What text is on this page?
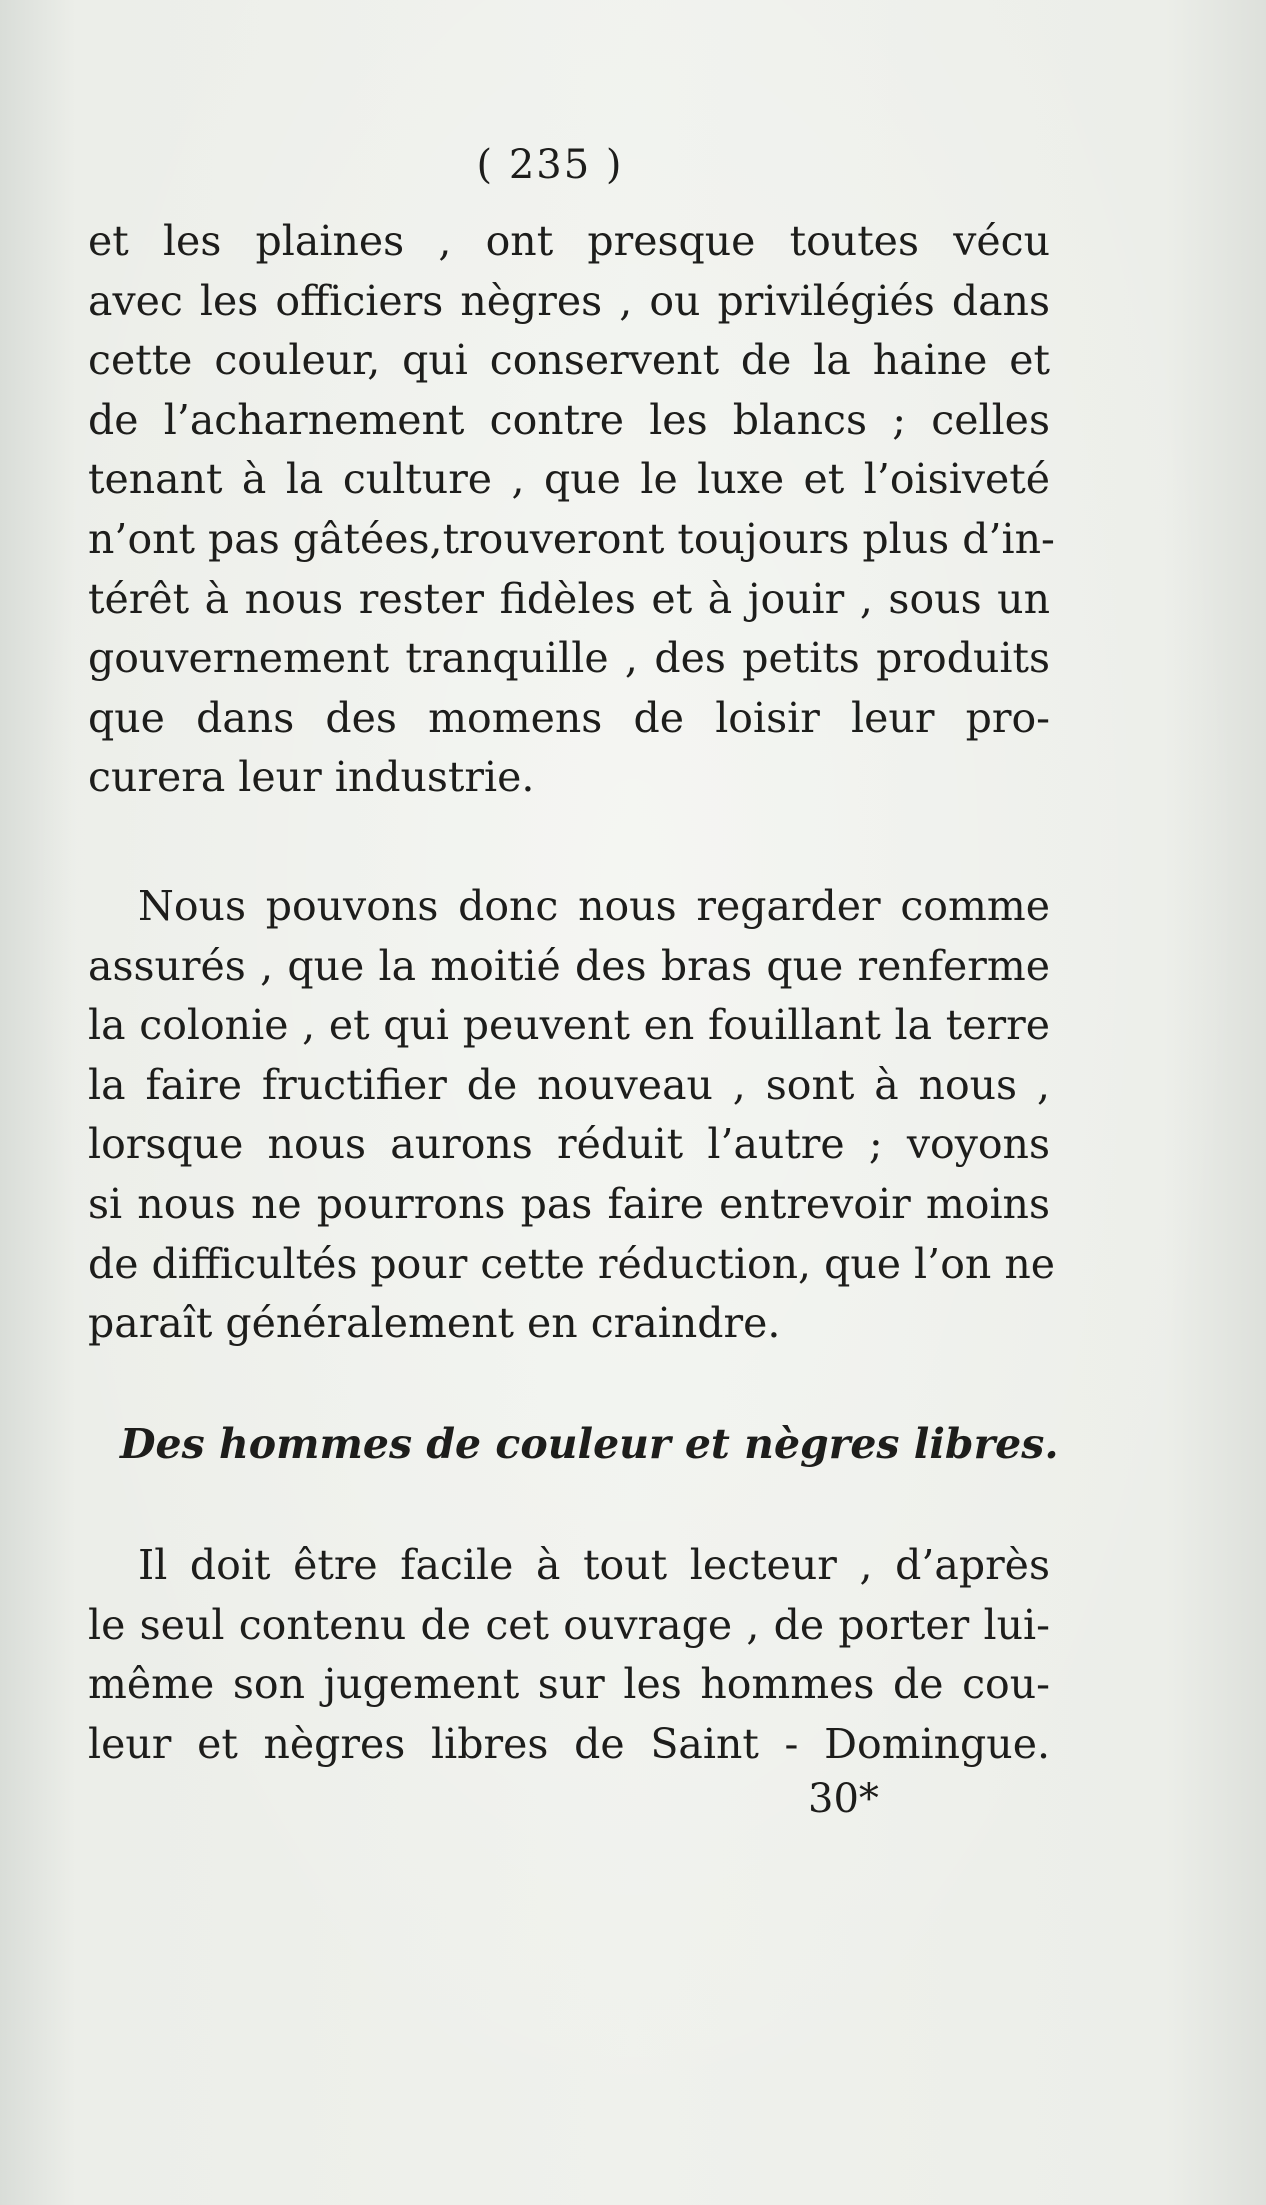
( 235 )
et les plaines , ont presque toutes vécu
avec les officiers nègres , ou privilégiés dans
cette couleur, qui conservent de la haine et
de l’acharnement contre les blancs ; celles
tenant à la culture , que le luxe et l’oisiveté
n’ont pas gâtées,trouveront toujours plus d’in-
térêt à nous rester fidèles et à jouir , sous un
gouvernement tranquille , des petits produits
que dans des momens de loisir leur pro-
curera leur industrie.
Nous pouvons donc nous regarder comme
assurés , que la moitié des bras que renferme
la colonie , et qui peuvent en fouillant la terre
la faire fructifier de nouveau , sont à nous ,
lorsque nous aurons réduit l’autre ; voyons
si nous ne pourrons pas faire entrevoir moins
de difficultés pour cette réduction, que l’on ne
paraît généralement en craindre.
Des hommes de couleur et nègres libres.
Il doit être facile à tout lecteur , d’après
le seul contenu de cet ouvrage , de porter lui-
même son jugement sur les hommes de cou-
leur et nègres libres de Saint - Domingue.
30*
